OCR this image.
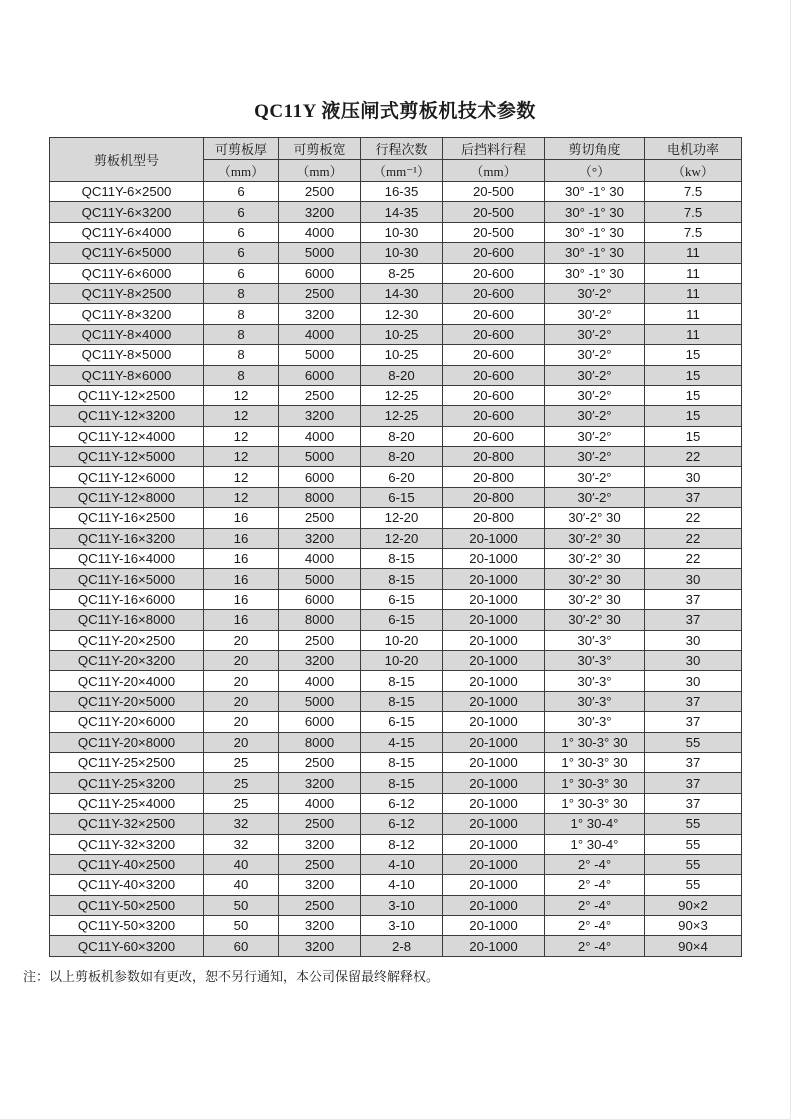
QC11Y 液压闸式剪板机技术参数
剪板机型号	可剪板厚	可剪板宽	行程次数	后挡料行程	剪切角度	电机功率
	（mm）	（mm）	（mm⁻¹）	（mm）	（°）	（kw）
QC11Y-6×2500	6	2500	16-35	20-500	30° -1° 30	7.5
QC11Y-6×3200	6	3200	14-35	20-500	30° -1° 30	7.5
QC11Y-6×4000	6	4000	10-30	20-500	30° -1° 30	7.5
QC11Y-6×5000	6	5000	10-30	20-600	30° -1° 30	11
QC11Y-6×6000	6	6000	8-25	20-600	30° -1° 30	11
QC11Y-8×2500	8	2500	14-30	20-600	30′-2°	11
QC11Y-8×3200	8	3200	12-30	20-600	30′-2°	11
QC11Y-8×4000	8	4000	10-25	20-600	30′-2°	11
QC11Y-8×5000	8	5000	10-25	20-600	30′-2°	15
QC11Y-8×6000	8	6000	8-20	20-600	30′-2°	15
QC11Y-12×2500	12	2500	12-25	20-600	30′-2°	15
QC11Y-12×3200	12	3200	12-25	20-600	30′-2°	15
QC11Y-12×4000	12	4000	8-20	20-600	30′-2°	15
QC11Y-12×5000	12	5000	8-20	20-800	30′-2°	22
QC11Y-12×6000	12	6000	6-20	20-800	30′-2°	30
QC11Y-12×8000	12	8000	6-15	20-800	30′-2°	37
QC11Y-16×2500	16	2500	12-20	20-800	30′-2° 30	22
QC11Y-16×3200	16	3200	12-20	20-1000	30′-2° 30	22
QC11Y-16×4000	16	4000	8-15	20-1000	30′-2° 30	22
QC11Y-16×5000	16	5000	8-15	20-1000	30′-2° 30	30
QC11Y-16×6000	16	6000	6-15	20-1000	30′-2° 30	37
QC11Y-16×8000	16	8000	6-15	20-1000	30′-2° 30	37
QC11Y-20×2500	20	2500	10-20	20-1000	30′-3°	30
QC11Y-20×3200	20	3200	10-20	20-1000	30′-3°	30
QC11Y-20×4000	20	4000	8-15	20-1000	30′-3°	30
QC11Y-20×5000	20	5000	8-15	20-1000	30′-3°	37
QC11Y-20×6000	20	6000	6-15	20-1000	30′-3°	37
QC11Y-20×8000	20	8000	4-15	20-1000	1° 30-3° 30	55
QC11Y-25×2500	25	2500	8-15	20-1000	1° 30-3° 30	37
QC11Y-25×3200	25	3200	8-15	20-1000	1° 30-3° 30	37
QC11Y-25×4000	25	4000	6-12	20-1000	1° 30-3° 30	37
QC11Y-32×2500	32	2500	6-12	20-1000	1° 30-4°	55
QC11Y-32×3200	32	3200	8-12	20-1000	1° 30-4°	55
QC11Y-40×2500	40	2500	4-10	20-1000	2° -4°	55
QC11Y-40×3200	40	3200	4-10	20-1000	2° -4°	55
QC11Y-50×2500	50	2500	3-10	20-1000	2° -4°	90×2
QC11Y-50×3200	50	3200	3-10	20-1000	2° -4°	90×3
QC11Y-60×3200	60	3200	2-8	20-1000	2° -4°	90×4

注：以上剪板机参数如有更改，恕不另行通知，本公司保留最终解释权。
